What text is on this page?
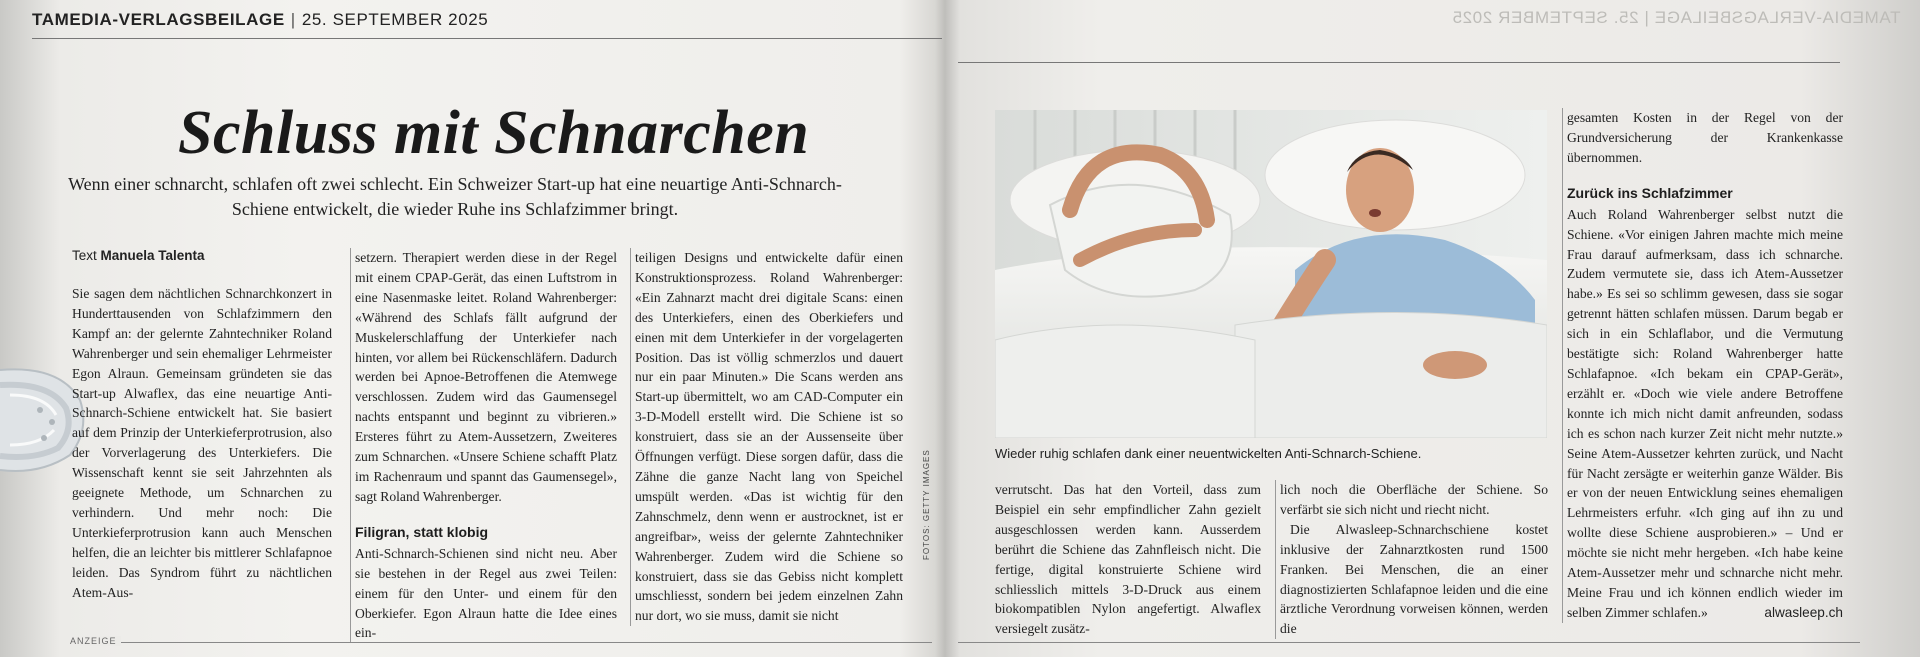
TAMEDIA-VERLAGSBEILAGE | 25. SEPTEMBER 2025
Schluss mit Schnarchen
Wenn einer schnarcht, schlafen oft zwei schlecht. Ein Schweizer Start-up hat eine neuartige Anti-Schnarch-Schiene entwickelt, die wieder Ruhe ins Schlafzimmer bringt.
Text Manuela Talenta

Sie sagen dem nächtlichen Schnarchkonzert in Hunderttausenden von Schlafzimmern den Kampf an: der gelernte Zahntechniker Roland Wahrenberger und sein ehemaliger Lehrmeister Egon Alraun. Gemeinsam gründeten sie das Start-up Alwaflex, das eine neuartige Anti-Schnarch-Schiene entwickelt hat. Sie basiert auf dem Prinzip der Unterkieferprotrusion, also der Vorverlagerung des Unterkiefers. Die Wissenschaft kennt sie seit Jahrzehnten als geeignete Methode, um Schnarchen zu verhindern. Und mehr noch: Die Unterkieferprotrusion kann auch Menschen helfen, die an leichter bis mittlerer Schlafapnoe leiden. Das Syndrom führt zu nächtlichen Atem-Aus-

setzern. Therapiert werden diese in der Regel mit einem CPAP-Gerät, das einen Luftstrom in eine Nasenmaske leitet. Roland Wahrenberger: «Während des Schlafs fällt aufgrund der Muskelerschlaffung der Unterkiefer nach hinten, vor allem bei Rückenschläfern. Dadurch werden bei Apnoe-Betroffenen die Atemwege verschlossen. Zudem wird das Gaumensegel nachts entspannt und beginnt zu vibrieren.» Ersteres führt zu Atem-Aussetzern, Zweiteres zum Schnarchen. «Unsere Schiene schafft Platz im Rachenraum und spannt das Gaumensegel», sagt Roland Wahrenberger.

Filigran, statt klobig

Anti-Schnarch-Schienen sind nicht neu. Aber sie bestehen in der Regel aus zwei Teilen: einem für den Unter- und einem für den Oberkiefer. Egon Alraun hatte die Idee eines ein-

teiligen Designs und entwickelte dafür einen Konstruktionsprozess. Roland Wahrenberger: «Ein Zahnarzt macht drei digitale Scans: einen des Unterkiefers, einen des Oberkiefers und einen mit dem Unterkiefer in der vorgelagerten Position. Das ist völlig schmerzlos und dauert nur ein paar Minuten.» Die Scans werden ans Start-up übermittelt, wo am CAD-Computer ein 3-D-Modell erstellt wird. Die Schiene ist so konstruiert, dass sie an der Aussenseite über Öffnungen verfügt. Diese sorgen dafür, dass die Zähne die ganze Nacht lang von Speichel umspült werden. «Das ist wichtig für den Zahnschmelz, denn wenn er austrocknet, ist er angreifbar», weiss der gelernte Zahntechniker Wahrenberger. Zudem wird die Schiene so konstruiert, dass sie das Gebiss nicht komplett umschliesst, sondern bei jedem einzelnen Zahn nur dort, wo sie muss, damit sie nicht

FOTOS: GETTY IMAGES
ANZEIGE
TAMEDIA-VERLAGSBEILAGE | 25. SEPTEMBER 2025
Wieder ruhig schlafen dank einer neuentwickelten Anti-Schnarch-Schiene.

verrutscht. Das hat den Vorteil, dass zum Beispiel ein sehr empfindlicher Zahn gezielt ausgeschlossen werden kann. Ausserdem berührt die Schiene das Zahnfleisch nicht. Die fertige, digital konstruierte Schiene wird schliesslich mittels 3-D-Druck aus einem biokompatiblen Nylon angefertigt. Alwaflex versiegelt zusätz-

lich noch die Oberfläche der Schiene. So verfärbt sie sich nicht und riecht nicht.

Die Alwasleep-Schnarchschiene kostet inklusive der Zahnarztkosten rund 1500 Franken. Bei Menschen, die an einer diagnostizierten Schlafapnoe leiden und die eine ärztliche Verordnung vorweisen können, werden die

gesamten Kosten in der Regel von der Grundversicherung der Krankenkasse übernommen.

Zurück ins Schlafzimmer

Auch Roland Wahrenberger selbst nutzt die Schiene. «Vor einigen Jahren machte mich meine Frau darauf aufmerksam, dass ich schnarche. Zudem vermutete sie, dass ich Atem-Aussetzer habe.» Es sei so schlimm gewesen, dass sie sogar getrennt hätten schlafen müssen. Darum begab er sich in ein Schlaflabor, und die Vermutung bestätigte sich: Roland Wahrenberger hatte Schlafapnoe. «Ich bekam ein CPAP-Gerät», erzählt er. «Doch wie viele andere Betroffene konnte ich mich nicht damit anfreunden, sodass ich es schon nach kurzer Zeit nicht mehr nutzte.» Seine Atem-Aussetzer kehrten zurück, und Nacht für Nacht zersägte er weiterhin ganze Wälder. Bis er von der neuen Entwicklung seines ehemaligen Lehrmeisters erfuhr. «Ich ging auf ihn zu und wollte diese Schiene ausprobieren.» – Und er möchte sie nicht mehr hergeben. «Ich habe keine Atem-Aussetzer mehr und schnarche nicht mehr. Meine Frau und ich können endlich wieder im selben Zimmer schlafen.»	alwasleep.ch
